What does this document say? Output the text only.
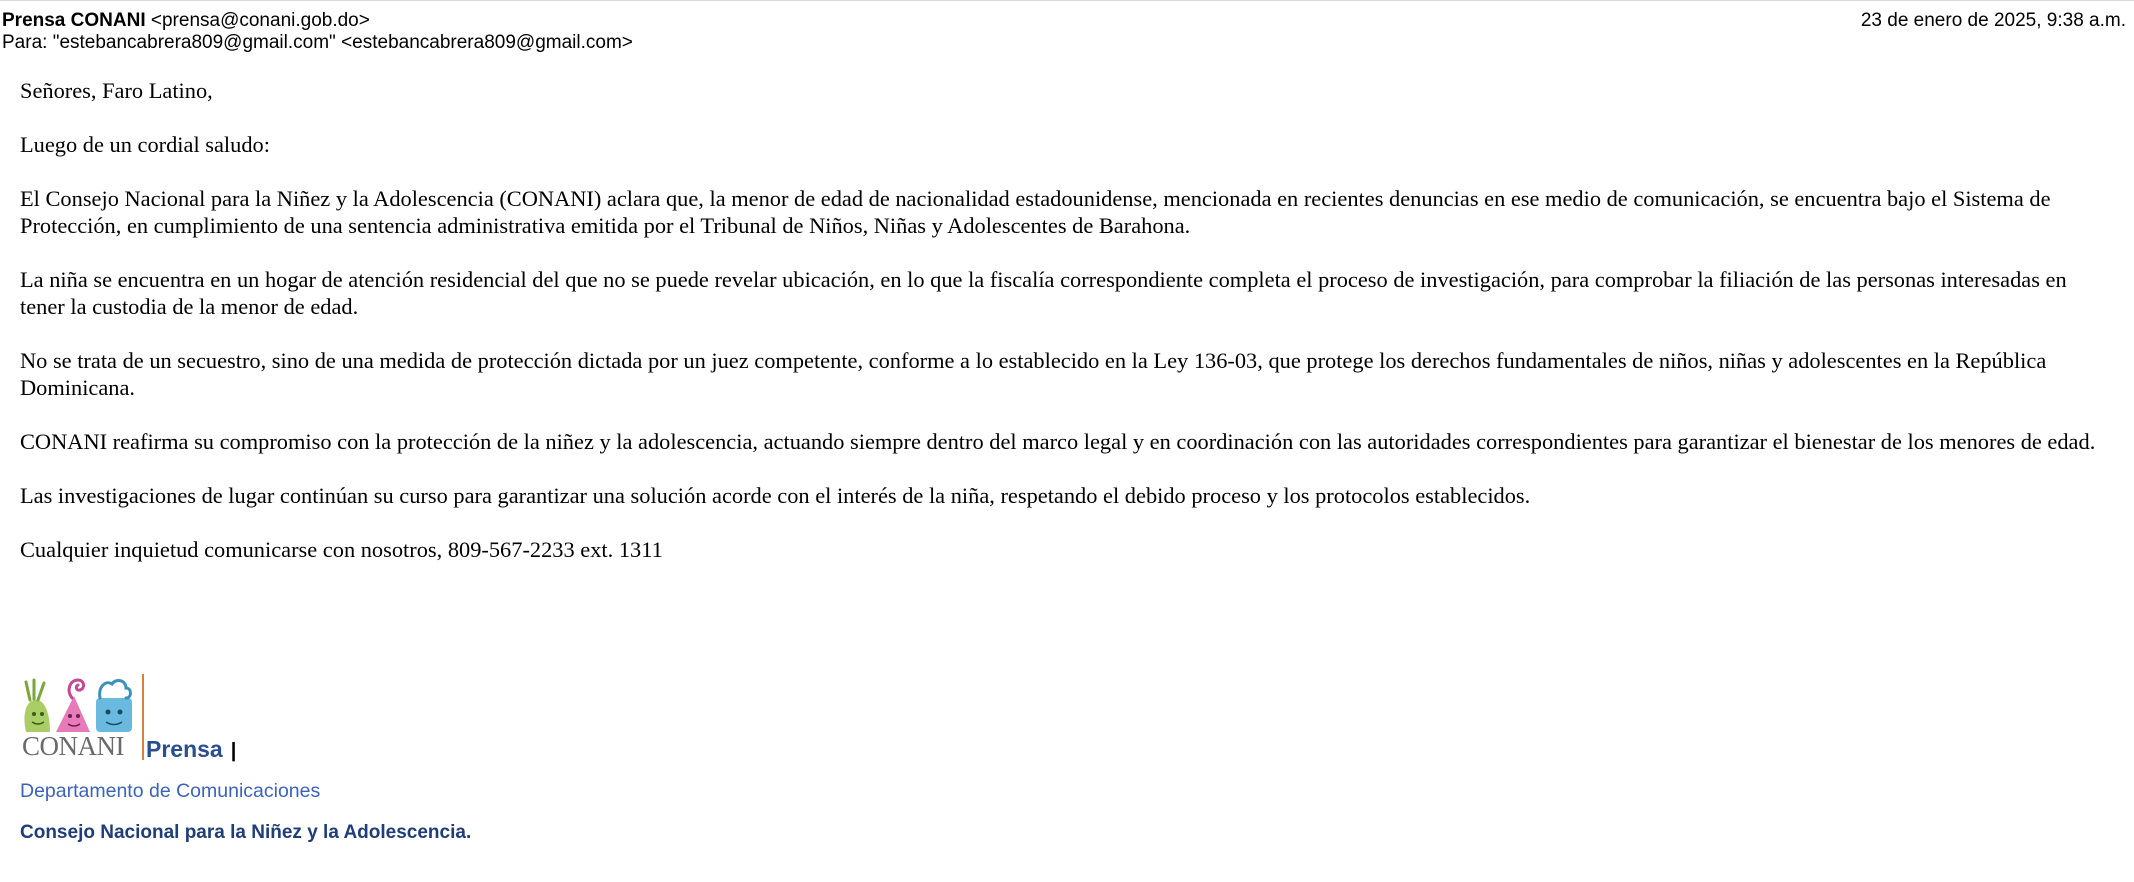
Prensa CONANI <prensa@conani.gob.do>	23 de enero de 2025, 9:38 a.m.
Para: "estebancabrera809@gmail.com" <estebancabrera809@gmail.com>

Señores, Faro Latino,

Luego de un cordial saludo:

El Consejo Nacional para la Niñez y la Adolescencia (CONANI) aclara que, la menor de edad de nacionalidad estadounidense, mencionada en recientes denuncias en ese medio de comunicación, se encuentra bajo el Sistema de Protección, en cumplimiento de una sentencia administrativa emitida por el Tribunal de Niños, Niñas y Adolescentes de Barahona.

La niña se encuentra en un hogar de atención residencial del que no se puede revelar ubicación, en lo que la fiscalía correspondiente completa el proceso de investigación, para comprobar la filiación de las personas interesadas en tener la custodia de la menor de edad.

No se trata de un secuestro, sino de una medida de protección dictada por un juez competente, conforme a lo establecido en la Ley 136-03, que protege los derechos fundamentales de niños, niñas y adolescentes en la República Dominicana.

CONANI reafirma su compromiso con la protección de la niñez y la adolescencia, actuando siempre dentro del marco legal y en coordinación con las autoridades correspondientes para garantizar el bienestar de los menores de edad.

Las investigaciones de lugar continúan su curso para garantizar una solución acorde con el interés de la niña, respetando el debido proceso y los protocolos establecidos.

Cualquier inquietud comunicarse con nosotros, 809-567-2233 ext. 1311

CONANI Prensa |
Departamento de Comunicaciones
Consejo Nacional para la Niñez y la Adolescencia.
